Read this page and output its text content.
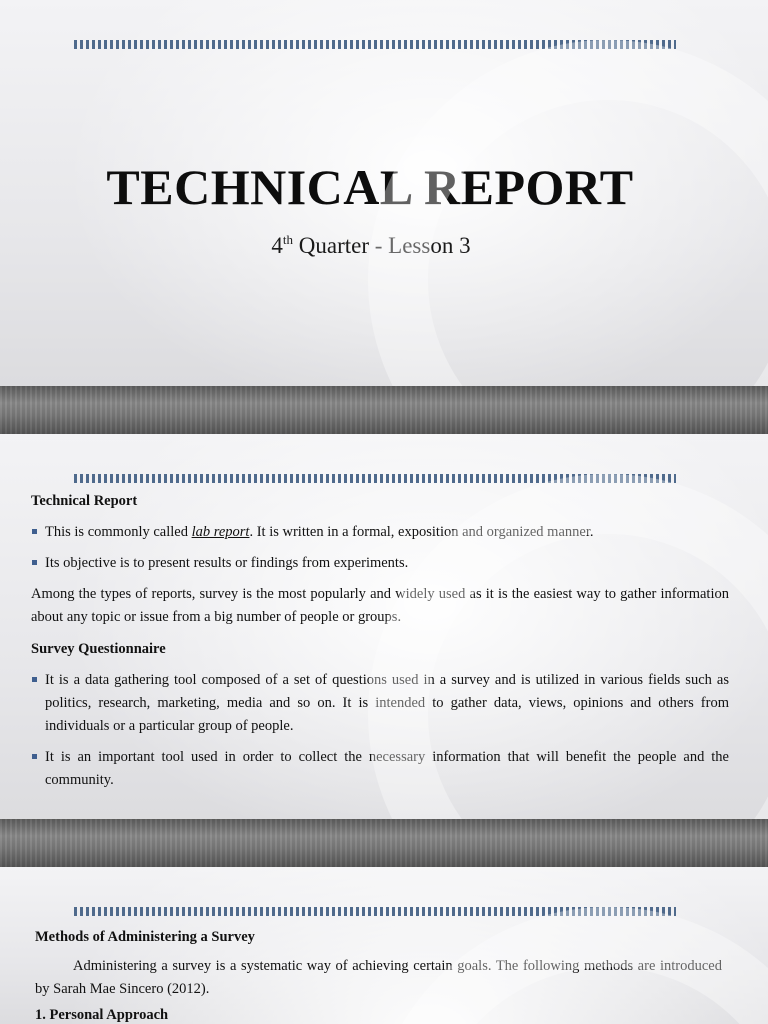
TECHNICAL REPORT

4th Quarter - Lesson 3

Technical Report

This is commonly called lab report. It is written in a formal, exposition and organized manner.

Its objective is to present results or findings from experiments.

Among the types of reports, survey is the most popularly and widely used as it is the easiest way to gather information about any topic or issue from a big number of people or groups.

Survey Questionnaire

It is a data gathering tool composed of a set of questions used in a survey and is utilized in various fields such as politics, research, marketing, media and so on. It is intended to gather data, views, opinions and others from individuals or a particular group of people.

It is an important tool used in order to collect the necessary information that will benefit the people and the community.

Methods of Administering a Survey

Administering a survey is a systematic way of achieving certain goals. The following methods are introduced by Sarah Mae Sincero (2012).

1. Personal Approach
